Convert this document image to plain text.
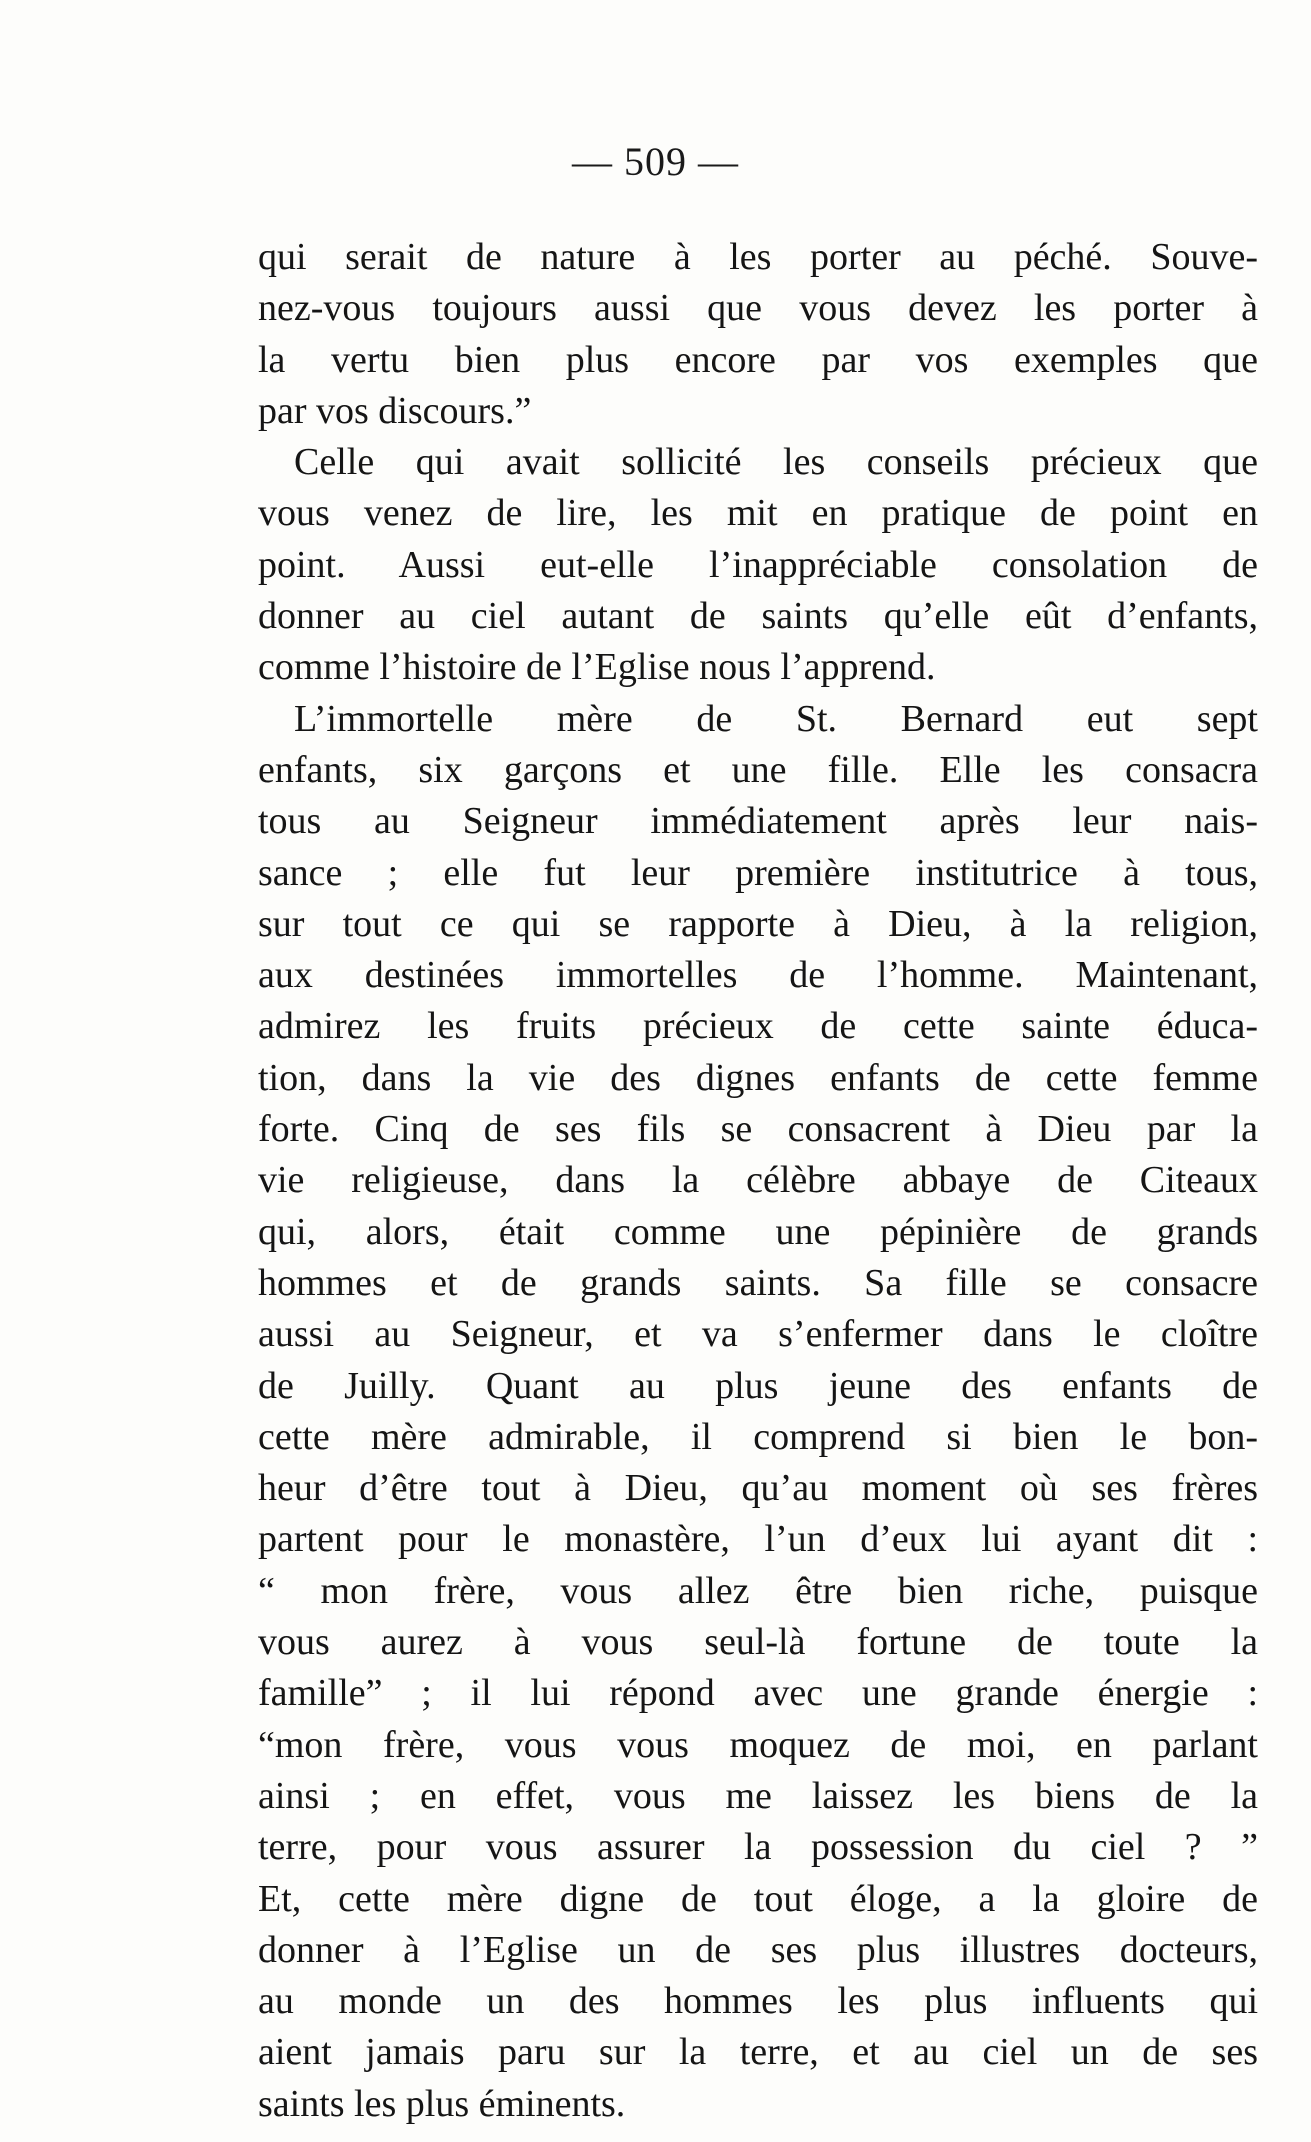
— 509 —
qui serait de nature à les porter au péché. Souve-
nez-vous toujours aussi que vous devez les porter à
la vertu bien plus encore par vos exemples que
par vos discours.”
Celle qui avait sollicité les conseils précieux que
vous venez de lire, les mit en pratique de point en
point. Aussi eut-elle l’inappréciable consolation de
donner au ciel autant de saints qu’elle eût d’enfants,
comme l’histoire de l’Eglise nous l’apprend.
L’immortelle mère de St. Bernard eut sept
enfants, six garçons et une fille. Elle les consacra
tous au Seigneur immédiatement après leur nais-
sance ; elle fut leur première institutrice à tous,
sur tout ce qui se rapporte à Dieu, à la religion,
aux destinées immortelles de l’homme. Maintenant,
admirez les fruits précieux de cette sainte éduca-
tion, dans la vie des dignes enfants de cette femme
forte. Cinq de ses fils se consacrent à Dieu par la
vie religieuse, dans la célèbre abbaye de Citeaux
qui, alors, était comme une pépinière de grands
hommes et de grands saints. Sa fille se consacre
aussi au Seigneur, et va s’enfermer dans le cloître
de Juilly. Quant au plus jeune des enfants de
cette mère admirable, il comprend si bien le bon-
heur d’être tout à Dieu, qu’au moment où ses frères
partent pour le monastère, l’un d’eux lui ayant dit :
“ mon frère, vous allez être bien riche, puisque
vous aurez à vous seul-là fortune de toute la
famille” ; il lui répond avec une grande énergie :
“mon frère, vous vous moquez de moi, en parlant
ainsi ; en effet, vous me laissez les biens de la
terre, pour vous assurer la possession du ciel ? ”
Et, cette mère digne de tout éloge, a la gloire de
donner à l’Eglise un de ses plus illustres docteurs,
au monde un des hommes les plus influents qui
aient jamais paru sur la terre, et au ciel un de ses
saints les plus éminents.
